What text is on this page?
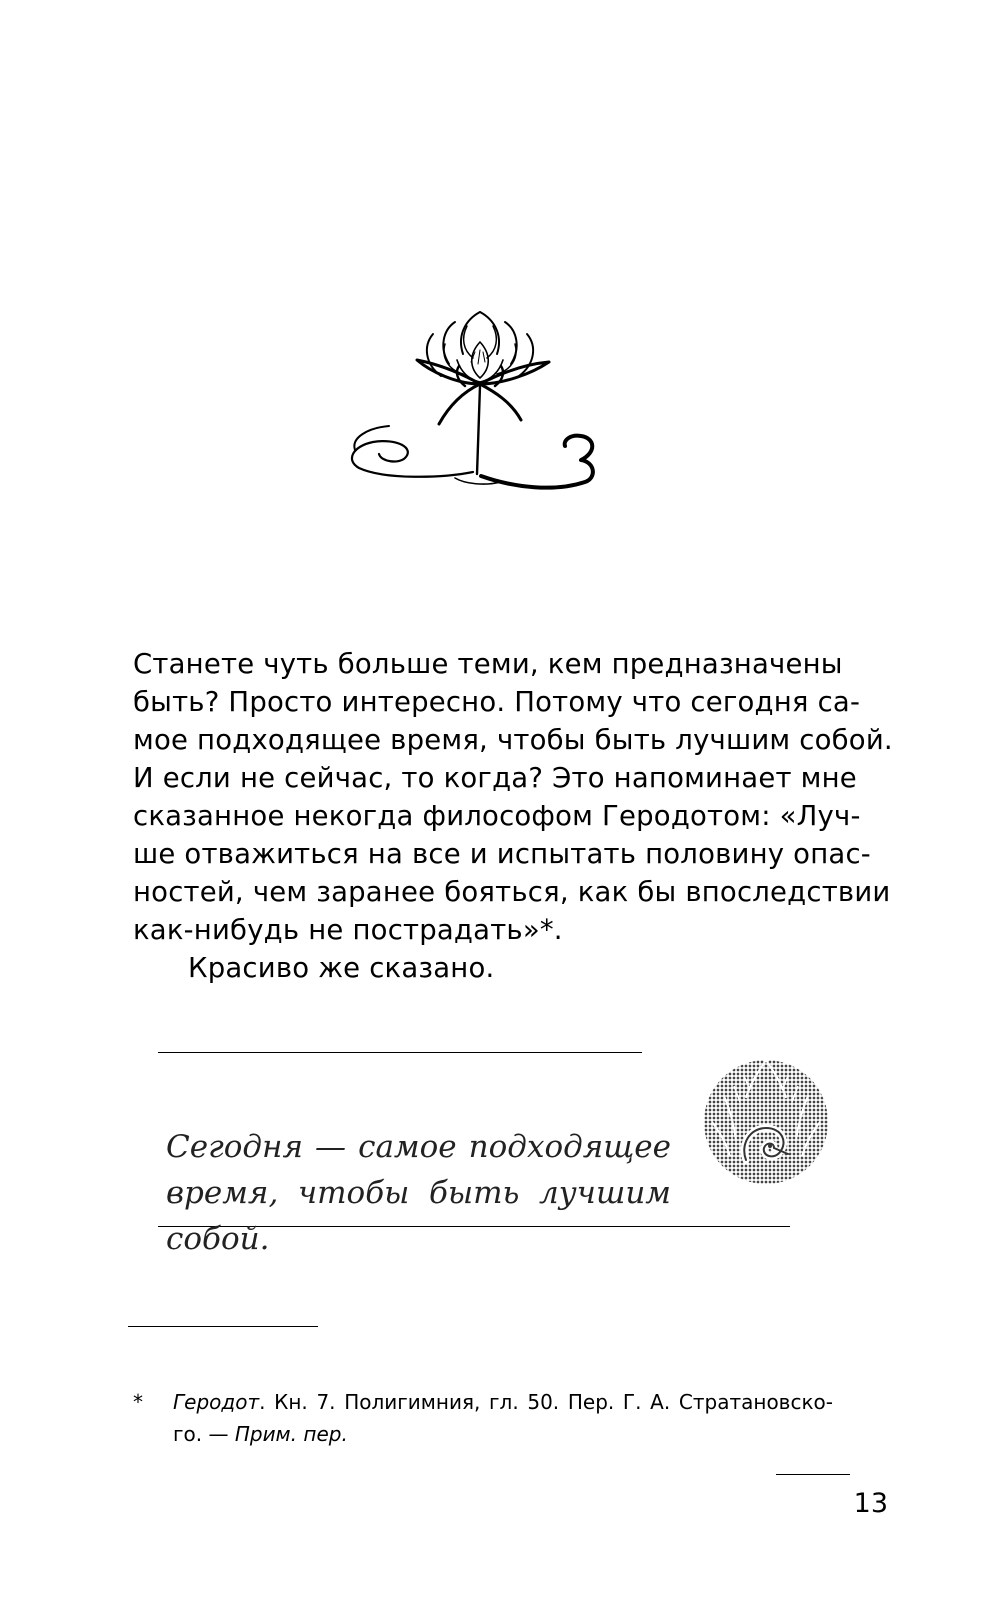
Станете чуть больше теми, кем предназначены
быть? Просто интересно. Потому что сегодня са-
мое подходящее время, чтобы быть лучшим собой.
И если не сейчас, то когда? Это напоминает мне
сказанное некогда философом Геродотом: «Луч-
ше отважиться на все и испытать половину опас-
ностей, чем заранее бояться, как бы впоследствии
как-нибудь не пострадать»*.
Красиво же сказано.
Сегодня — самое подходящее
время, чтобы быть лучшим
собой.
* Геродот. Кн. 7. Полигимния, гл. 50. Пер. Г. А. Стратановско-
го. — Прим. пер.
13
